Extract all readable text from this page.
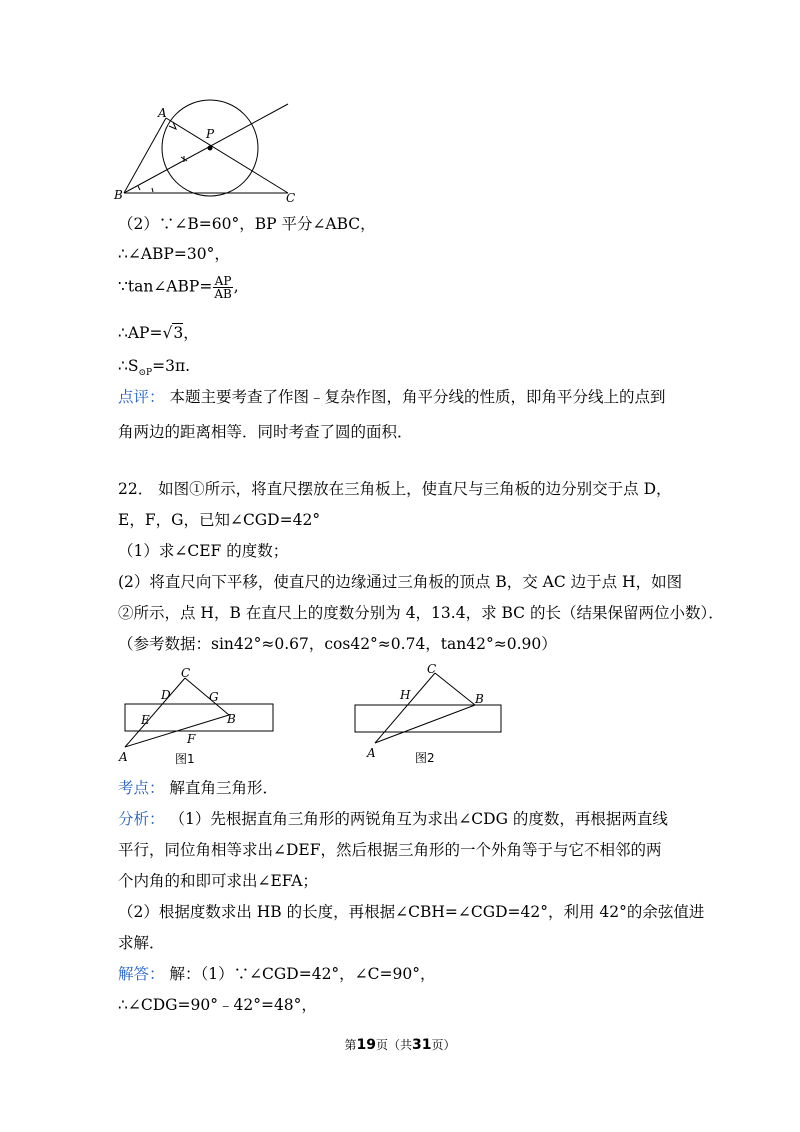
A
P
B	C
（2）∵∠B=60°，BP 平分∠ABC，
∴∠ABP=30°，
∵tan∠ABP= $\frac{AP}{AB}$ ,
∴AP=√3，
$\therefore S_{⊙P}=3\pi$.
点评： 本题主要考查了作图﹣复杂作图，角平分线的性质，即角平分线上的点到
角两边的距离相等．同时考查了圆的面积．
22． 如图①所示，将直尺摆放在三角板上，使直尺与三角板的边分别交于点 D，
E，F，G，已知∠CGD=42°
（1）求∠CEF 的度数；
(2）将直尺向下平移，使直尺的边缘通过三角板的顶点 B，交 AC 边于点 H，如图
②所示，点 H，B 在直尺上的度数分别为 4，13.4，求 BC 的长（结果保留两位小数）．
（参考数据：sin42°≈0.67，cos42°≈0.74，tan42°≈0.90）
C
D	G
E	B
F
A	图1
C
H	B
A	图2
考点： 解直角三角形．
分析： （1）先根据直角三角形的两锐角互为求出∠CDG 的度数，再根据两直线
平行，同位角相等求出∠DEF，然后根据三角形的一个外角等于与它不相邻的两
个内角的和即可求出∠EFA；
（2）根据度数求出 HB 的长度，再根据∠CBH=∠CGD=42°，利用 42°的余弦值进
求解．
解答： 解：（1）∵∠CGD=42°，∠C=90°，
∴∠CDG=90°﹣42°=48°，
第19页（共31页）
